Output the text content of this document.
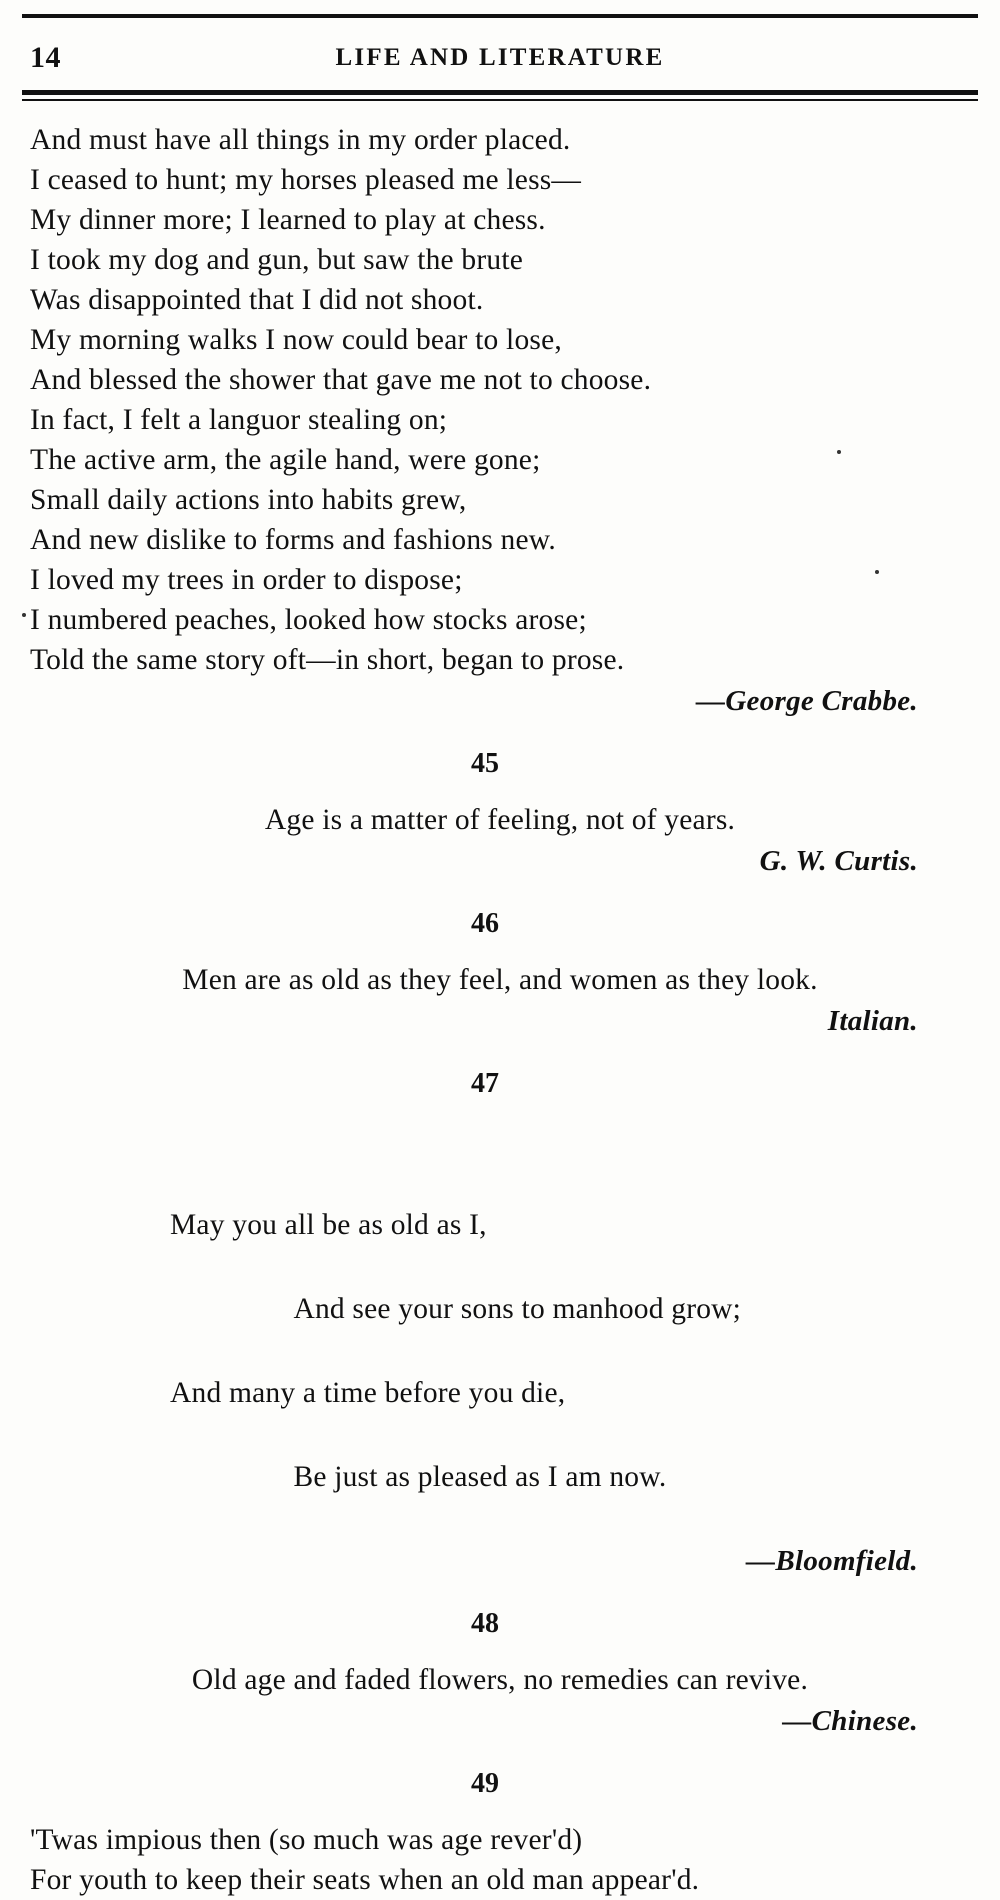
14	LIFE AND LITERATURE
And must have all things in my order placed.
I ceased to hunt; my horses pleased me less—
My dinner more; I learned to play at chess.
I took my dog and gun, but saw the brute
Was disappointed that I did not shoot.
My morning walks I now could bear to lose,
And blessed the shower that gave me not to choose.
In fact, I felt a languor stealing on;
The active arm, the agile hand, were gone;
Small daily actions into habits grew,
And new dislike to forms and fashions new.
I loved my trees in order to dispose;
I numbered peaches, looked how stocks arose;
Told the same story oft—in short, began to prose.
—George Crabbe.
45
Age is a matter of feeling, not of years.
G. W. Curtis.
46
Men are as old as they feel, and women as they look.
Italian.
47

May you all be as old as I,

And see your sons to manhood grow;

And many a time before you die,

Be just as pleased as I am now.

—Bloomfield.
48
Old age and faded flowers, no remedies can revive.
—Chinese.
49
'Twas impious then (so much was age rever'd)
For youth to keep their seats when an old man appear'd.
